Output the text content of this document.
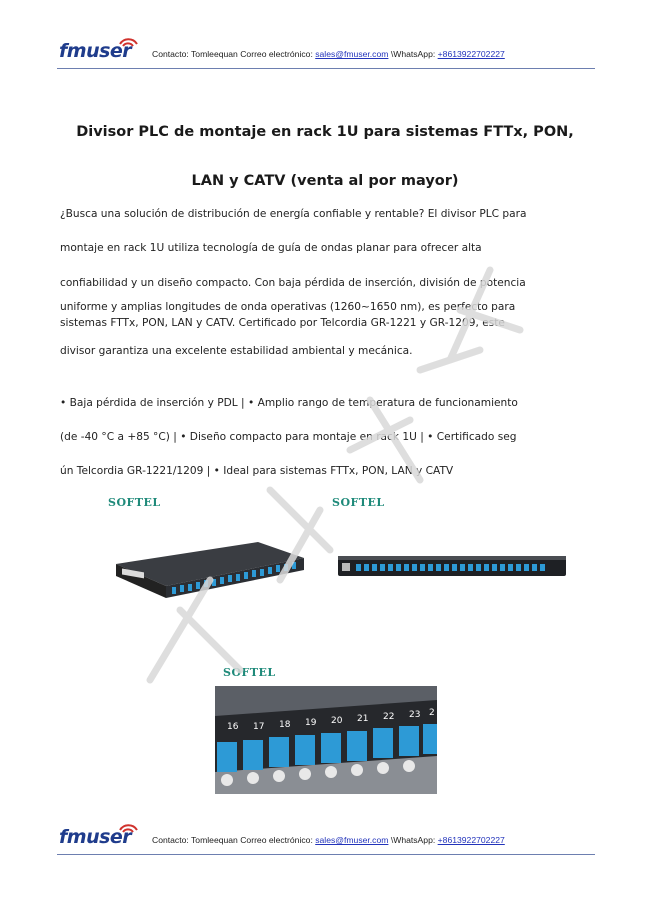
fmuser Contacto: Tomleequan Correo electrónico: sales@fmuser.com \WhatsApp: +8613922702227
Divisor PLC de montaje en rack 1U para sistemas FTTx, PON,
LAN y CATV (venta al por mayor)
¿Busca una solución de distribución de energía confiable y rentable? El divisor PLC para
montaje en rack 1U utiliza tecnología de guía de ondas planar para ofrecer alta
confiabilidad y un diseño compacto. Con baja pérdida de inserción, división de potencia
uniforme y amplias longitudes de onda operativas (1260~1650 nm), es perfecto para
sistemas FTTx, PON, LAN y CATV. Certificado por Telcordia GR-1221 y GR-1209, este
divisor garantiza una excelente estabilidad ambiental y mecánica.
• Baja pérdida de inserción y PDL | • Amplio rango de temperatura de funcionamiento
(de -40 °C a +85 °C) | • Diseño compacto para montaje en rack 1U | • Certificado seg
ún Telcordia GR-1221/1209 | • Ideal para sistemas FTTx, PON, LAN y CATV
SOFTEL	SOFTEL
SOFTEL
16 17 18 19 20 21 22 23 2
fmuser Contacto: Tomleequan Correo electrónico: sales@fmuser.com \WhatsApp: +8613922702227
